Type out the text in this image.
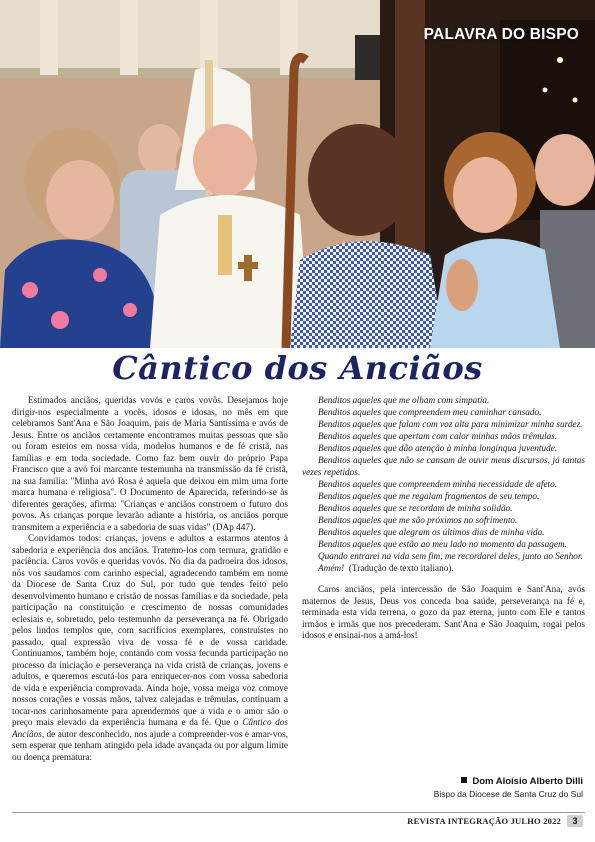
PALAVRA DO BISPO
Cântico dos Anciãos

Estimados anciãos, queridas vovós e caros vovôs. Desejamos hoje dirigir-nos especialmente a vocês, idosos e idosas, no mês em que celebramos Sant'Ana e São Joaquim, pais de Maria Santíssima e avós de Jesus. Entre os anciãos certamente encontramos muitas pessoas que são ou foram esteios em nossa vida, modelos humanos e de fé cristã, nas famílias e em toda sociedade. Como faz bem ouvir do próprio Papa Francisco que a avó foi marcante testemunha na transmissão da fé cristã, na sua família: "Minha avó Rosa é aquela que deixou em mim uma forte marca humana e religiosa". O Documento de Aparecida, referindo-se às diferentes gerações, afirma: "Crianças e anciãos constroem o futuro dos povos. As crianças porque levarão adiante a história, os anciãos porque transmitem a experiência e a sabedoria de suas vidas" (DAp 447).

Convidamos todos: crianças, jovens e adultos a estarmos atentos à sabedoria e experiência dos anciãos. Tratemo-los com ternura, gratidão e paciência. Caros vovôs e queridas vovós. No dia da padroeira dos idosos, nós vos saudamos com carinho especial, agradecendo também em nome da Diocese de Santa Cruz do Sul, por tudo que tendes feito pelo desenvolvimento humano e cristão de nossas famílias e da sociedade, pela participação na constituição e crescimento de nossas comunidades eclesiais e, sobretudo, pelo testemunho da perseverança na fé. Obrigado pelos lindos templos que, com sacrifícios exemplares, construístes no passado, qual expressão viva de vossa fé e de vossa caridade. Continuamos, também hoje, contando com vossa fecunda participação no processo da iniciação e perseverança na vida cristã de crianças, jovens e adultos, e queremos escutá-los para enriquecer-nos com vossa sabedoria de vida e experiência comprovada. Ainda hoje, vossa meiga voz comove nossos corações e vossas mãos, talvez calejadas e trêmulas, continuam a tocar-nos carinhosamente para aprendermos que a vida e o amor são o preço mais elevado da experiência humana e da fé. Que o Cântico dos Anciãos, de autor desconhecido, nos ajude a compreender-vos e amar-vos, sem esperar que tenham atingido pela idade avançada ou por algum limite ou doença prematura:

Benditos aqueles que me olham com simpatia.

Benditos aqueles que compreendem meu caminhar cansado.

Benditos aqueles que falam com voz alta para minimizar minha surdez.

Benditos aqueles que apertam com calor minhas mãos trêmulas.

Benditos aqueles que dão atenção à minha longínqua juventude.

Benditos aqueles que não se cansam de ouvir meus discursos, já tantas vezes repetidos.

Benditos aqueles que compreendem minha necessidade de afeto.

Benditos aqueles que me regalam fragmentos de seu tempo.

Benditos aqueles que se recordam de minha solidão.

Benditos aqueles que me são próximos no sofrimento.

Benditos aqueles que alegram os últimos dias de minha vida.

Benditos aqueles que estão ao meu lado no momento da passagem.

Quando entrarei na vida sem fim, me recordarei deles, junto ao Senhor.

Amém! (Tradução de texto italiano).

Caros anciãos, pela intercessão de São Joaquim e Sant'Ana, avós maternos de Jesus, Deus vos conceda boa saúde, perseverança na fé e, terminada esta vida terrena, o gozo da paz eterna, junto com Ele e tantos irmãos e irmãs que nos precederam. Sant'Ana e São Joaquim, rogai pelos idosos e ensinai-nos a amá-los!

Dom Aloísio Alberto Dilli
Bispo da Diocese de Santa Cruz do Sul
REVISTA INTEGRAÇÃO JULHO 2022	3
